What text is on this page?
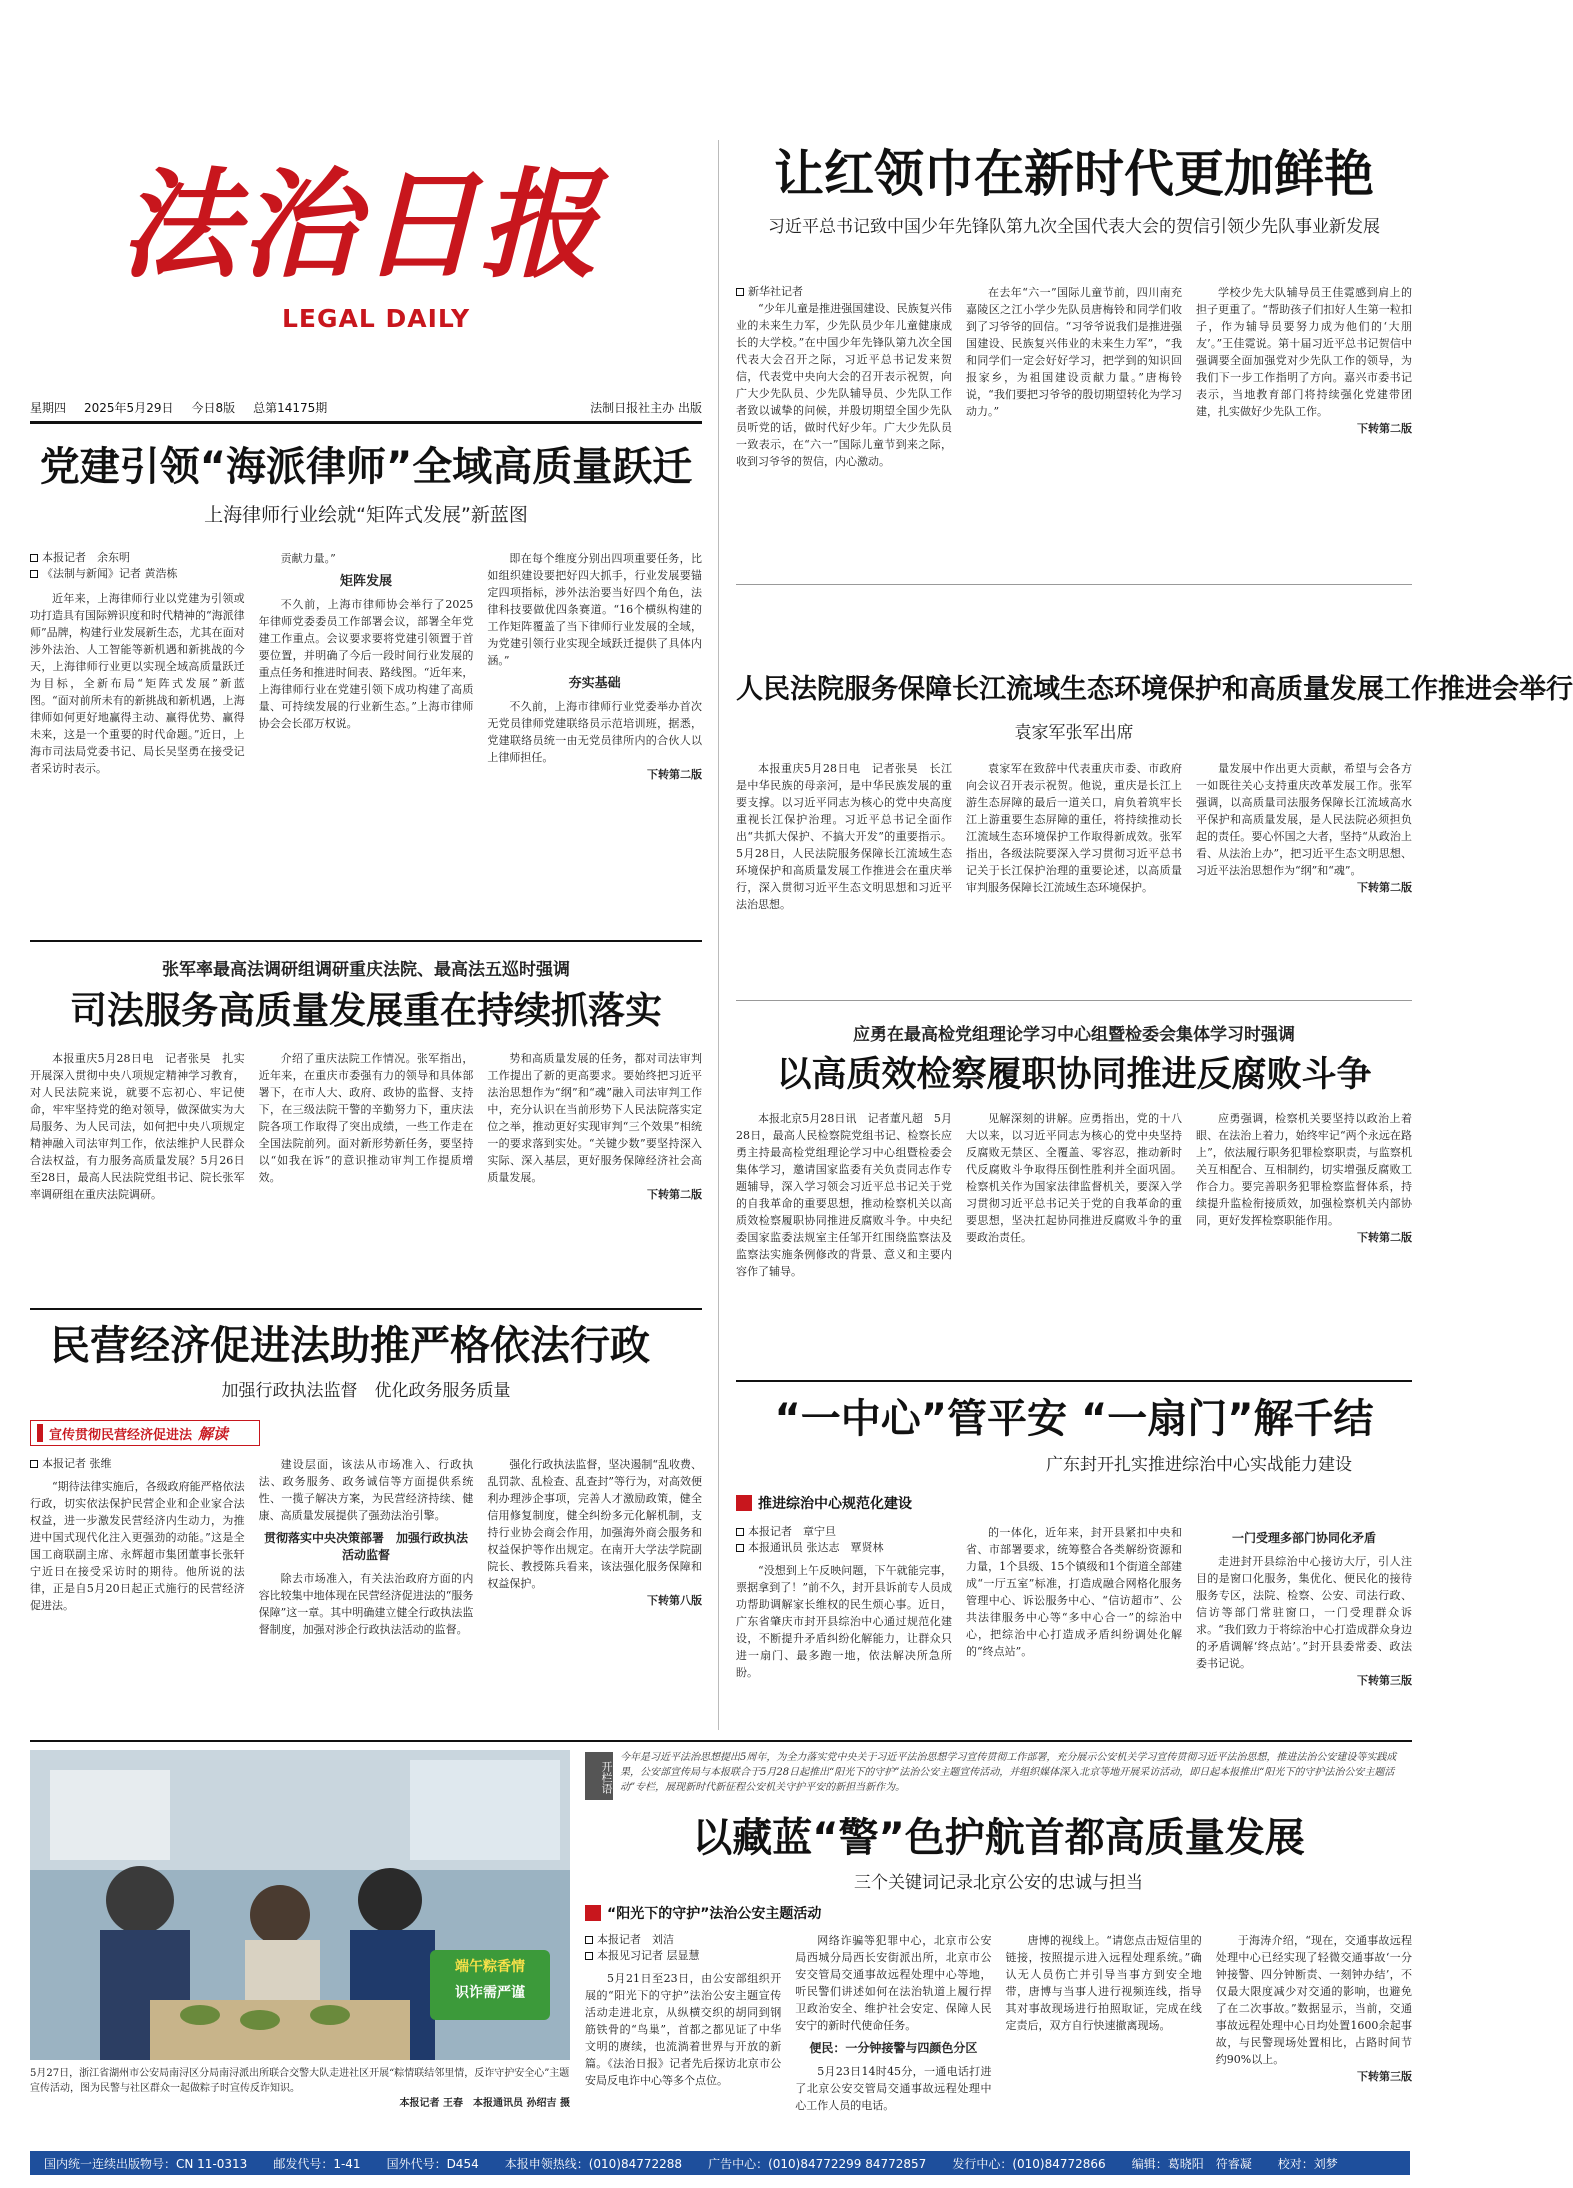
法治日报
LEGAL DAILY
星期四 2025年5月29日 今日8版 总第14175期	法制日报社主办 出版
让红领巾在新时代更加鲜艳
习近平总书记致中国少年先锋队第九次全国代表大会的贺信引领少先队事业新发展
新华社记者

“少年儿童是推进强国建设、民族复兴伟业的未来生力军，少先队员少年儿童健康成长的大学校。”在中国少年先锋队第九次全国代表大会召开之际，习近平总书记发来贺信，代表党中央向大会的召开表示祝贺，向广大少先队员、少先队辅导员、少先队工作者致以诚挚的问候，并殷切期望全国少先队员听党的话，做时代好少年。广大少先队员一致表示，在“六一”国际儿童节到来之际，收到习爷爷的贺信，内心激动。

在去年“六一”国际儿童节前，四川南充嘉陵区之江小学少先队员唐梅铃和同学们收到了习爷爷的回信。“习爷爷说我们是推进强国建设、民族复兴伟业的未来生力军”，“我和同学们一定会好好学习，把学到的知识回报家乡，为祖国建设贡献力量。”唐梅铃说，“我们要把习爷爷的殷切期望转化为学习动力。”

学校少先大队辅导员王佳霓感到肩上的担子更重了。“帮助孩子们扣好人生第一粒扣子，作为辅导员要努力成为他们的‘大朋友’。”王佳霓说。第十届习近平总书记贺信中强调要全面加强党对少先队工作的领导，为我们下一步工作指明了方向。嘉兴市委书记表示，当地教育部门将持续强化党建带团建，扎实做好少先队工作。

下转第二版
党建引领“海派律师”全域高质量跃迁
上海律师行业绘就“矩阵式发展”新蓝图
本报记者　余东明
《法制与新闻》记者 黄浩栋

近年来，上海律师行业以党建为引领或功打造具有国际辨识度和时代精神的“海派律师”品牌，构建行业发展新生态，尤其在面对涉外法治、人工智能等新机遇和新挑战的今天，上海律师行业更以实现全域高质量跃迁为目标，全新布局“矩阵式发展”新蓝图。“面对前所未有的新挑战和新机遇，上海律师如何更好地赢得主动、赢得优势、赢得未来，这是一个重要的时代命题。”近日，上海市司法局党委书记、局长吴坚勇在接受记者采访时表示。

贡献力量。”

矩阵发展

不久前，上海市律师协会举行了2025年律师党委委员工作部署会议，部署全年党建工作重点。会议要求要将党建引领置于首要位置，并明确了今后一段时间行业发展的重点任务和推进时间表、路线图。“近年来，上海律师行业在党建引领下成功构建了高质量、可持续发展的行业新生态。”上海市律师协会会长邵万权说。

即在每个维度分别出四项重要任务，比如组织建设要把好四大抓手，行业发展要锚定四项指标，涉外法治要当好四个角色，法律科技要做优四条赛道。“16个横纵构建的工作矩阵覆盖了当下律师行业发展的全域，为党建引领行业实现全域跃迁提供了具体内涵。”

夯实基础

不久前，上海市律师行业党委举办首次无党员律师党建联络员示范培训班，据悉，党建联络员统一由无党员律所内的合伙人以上律师担任。

下转第二版
人民法院服务保障长江流域生态环境保护和高质量发展工作推进会举行
袁家军张军出席

本报重庆5月28日电　记者张昊　长江是中华民族的母亲河，是中华民族发展的重要支撑。以习近平同志为核心的党中央高度重视长江保护治理。习近平总书记全面作出“共抓大保护、不搞大开发”的重要指示。5月28日，人民法院服务保障长江流域生态环境保护和高质量发展工作推进会在重庆举行，深入贯彻习近平生态文明思想和习近平法治思想。

袁家军在致辞中代表重庆市委、市政府向会议召开表示祝贺。他说，重庆是长江上游生态屏障的最后一道关口，肩负着筑牢长江上游重要生态屏障的重任，将持续推动长江流域生态环境保护工作取得新成效。张军指出，各级法院要深入学习贯彻习近平总书记关于长江保护治理的重要论述，以高质量审判服务保障长江流域生态环境保护。

量发展中作出更大贡献，希望与会各方一如既往关心支持重庆改革发展工作。张军强调，以高质量司法服务保障长江流域高水平保护和高质量发展，是人民法院必须担负起的责任。要心怀国之大者，坚持“从政治上看、从法治上办”，把习近平生态文明思想、习近平法治思想作为“纲”和“魂”。

下转第二版
张军率最高法调研组调研重庆法院、最高法五巡时强调
司法服务高质量发展重在持续抓落实

本报重庆5月28日电　记者张昊　扎实开展深入贯彻中央八项规定精神学习教育，对人民法院来说，就要不忘初心、牢记使命，牢牢坚持党的绝对领导，做深做实为大局服务、为人民司法，如何把中央八项规定精神融入司法审判工作，依法维护人民群众合法权益，有力服务高质量发展？5月26日至28日，最高人民法院党组书记、院长张军率调研组在重庆法院调研。

介绍了重庆法院工作情况。张军指出，近年来，在重庆市委强有力的领导和具体部署下，在市人大、政府、政协的监督、支持下，在三级法院干警的辛勤努力下，重庆法院各项工作取得了突出成绩，一些工作走在全国法院前列。面对新形势新任务，要坚持以“如我在诉”的意识推动审判工作提质增效。

势和高质量发展的任务，都对司法审判工作提出了新的更高要求。要始终把习近平法治思想作为“纲”和“魂”融入司法审判工作中，充分认识在当前形势下人民法院落实定位之举，推动更好实现审判“三个效果”相统一的要求落到实处。“关键少数”要坚持深入实际、深入基层，更好服务保障经济社会高质量发展。

下转第二版
应勇在最高检党组理论学习中心组暨检委会集体学习时强调
以高质效检察履职协同推进反腐败斗争

本报北京5月28日讯　记者董凡超　5月28日，最高人民检察院党组书记、检察长应勇主持最高检党组理论学习中心组暨检委会集体学习，邀请国家监委有关负责同志作专题辅导，深入学习领会习近平总书记关于党的自我革命的重要思想，推动检察机关以高质效检察履职协同推进反腐败斗争。中央纪委国家监委法规室主任邹开红围绕监察法及监察法实施条例修改的背景、意义和主要内容作了辅导。

见解深刻的讲解。应勇指出，党的十八大以来，以习近平同志为核心的党中央坚持反腐败无禁区、全覆盖、零容忍，推动新时代反腐败斗争取得压倒性胜利并全面巩固。检察机关作为国家法律监督机关，要深入学习贯彻习近平总书记关于党的自我革命的重要思想，坚决扛起协同推进反腐败斗争的重要政治责任。

应勇强调，检察机关要坚持以政治上着眼、在法治上着力，始终牢记“两个永远在路上”，依法履行职务犯罪检察职责，与监察机关互相配合、互相制约，切实增强反腐败工作合力。要完善职务犯罪检察监督体系，持续提升监检衔接质效，加强检察机关内部协同，更好发挥检察职能作用。

下转第二版
民营经济促进法助推严格依法行政
加强行政执法监督　优化政务服务质量
宣传贯彻民营经济促进法 解读
本报记者 张维

“期待法律实施后，各级政府能严格依法行政，切实依法保护民营企业和企业家合法权益，进一步激发民营经济内生动力，为推进中国式现代化注入更强劲的动能。”这是全国工商联副主席、永辉超市集团董事长张轩宁近日在接受采访时的期待。他所说的法律，正是自5月20日起正式施行的民营经济促进法。

建设层面，该法从市场准入、行政执法、政务服务、政务诚信等方面提供系统性、一揽子解决方案，为民营经济持续、健康、高质量发展提供了强劲法治引擎。

贯彻落实中央决策部署　加强行政执法活动监督

除去市场准入，有关法治政府方面的内容比较集中地体现在民营经济促进法的“服务保障”这一章。其中明确建立健全行政执法监督制度，加强对涉企行政执法活动的监督。

强化行政执法监督，坚决遏制“乱收费、乱罚款、乱检查、乱查封”等行为，对高效便利办理涉企事项，完善人才激励政策，健全信用修复制度，健全纠纷多元化解机制，支持行业协会商会作用，加强海外商会服务和权益保护等作出规定。在南开大学法学院副院长、教授陈兵看来，该法强化服务保障和权益保护。

下转第八版
“一中心”管平安 “一扇门”解千结
广东封开扎实推进综治中心实战能力建设
推进综治中心规范化建设
本报记者　章宁旦
本报通讯员 张达志　覃贤林

“没想到上午反映问题，下午就能完事，票据拿到了！”前不久，封开县诉前专人员成功帮助调解家长维权的民生烦心事。近日，广东省肇庆市封开县综治中心通过规范化建设，不断提升矛盾纠纷化解能力，让群众只进一扇门、最多跑一地，依法解决所急所盼。

的一体化，近年来，封开县紧扣中央和省、市部署要求，统筹整合各类解纷资源和力量，1个县级、15个镇级和1个街道全部建成“一厅五室”标准，打造成融合网格化服务管理中心、诉讼服务中心、“信访超市”、公共法律服务中心等“多中心合一”的综治中心，把综治中心打造成矛盾纠纷调处化解的“终点站”。

一门受理多部门协同化矛盾

走进封开县综治中心接访大厅，引人注目的是窗口化服务，集优化、便民化的接待服务专区，法院、检察、公安、司法行政、信访等部门常驻窗口，一门受理群众诉求。“我们致力于将综治中心打造成群众身边的矛盾调解‘终点站’。”封开县委常委、政法委书记说。

下转第三版
端午粽香情
识诈需严谨
5月27日，浙江省湖州市公安局南浔区分局南浔派出所联合交警大队走进社区开展“粽情联结邻里情，反诈守护安全心”主题宣传活动，图为民警与社区群众一起做粽子时宣传反诈知识。
本报记者 王春　本报通讯员 孙绍吉 摄
开栏语
今年是习近平法治思想提出5周年，为全力落实党中央关于习近平法治思想学习宣传贯彻工作部署，充分展示公安机关学习宣传贯彻习近平法治思想，推进法治公安建设等实践成果，公安部宣传局与本报联合于5月28日起推出“阳光下的守护”法治公安主题宣传活动，并组织媒体深入北京等地开展采访活动，即日起本报推出“阳光下的守护法治公安主题活动”专栏，展现新时代新征程公安机关守护平安的新担当新作为。
以藏蓝“警”色护航首都高质量发展
三个关键词记录北京公安的忠诚与担当
“阳光下的守护”法治公安主题活动
本报记者　刘洁
本报见习记者 层显慧

5月21日至23日，由公安部组织开展的“阳光下的守护”法治公安主题宣传活动走进北京，从纵横交织的胡同到钢筋铁骨的“鸟巢”，首都之都见证了中华文明的赓续，也流淌着世界与开放的新篇。《法治日报》记者先后探访北京市公安局反电诈中心等多个点位。

网络诈骗等犯罪中心，北京市公安局西城分局西长安街派出所，北京市公安交管局交通事故远程处理中心等地，听民警们讲述如何在法治轨道上履行捍卫政治安全、维护社会安定、保障人民安宁的新时代使命任务。

便民：一分钟接警与四颜色分区

5月23日14时45分，一通电话打进了北京公安交管局交通事故远程处理中心工作人员的电话。

唐博的视线上。“请您点击短信里的链接，按照提示进入远程处理系统。”确认无人员伤亡并引导当事方到安全地带，唐博与当事人进行视频连线，指导其对事故现场进行拍照取证，完成在线定责后，双方自行快速撤离现场。

于海涛介绍，“现在，交通事故远程处理中心已经实现了轻微交通事故‘一分钟接警、四分钟断责、一刻钟办结’，不仅最大限度减少对交通的影响，也避免了在二次事故。”数据显示，当前，交通事故远程处理中心日均处置1600余起事故，与民警现场处置相比，占路时间节约90%以上。

下转第三版
国内统一连续出版物号：CN 11-0313 邮发代号：1-41 国外代号：D454 本报申领热线：(010)84772288 广告中心：(010)84772299 84772857 发行中心：(010)84772866 编辑：葛晓阳　符睿凝 校对：刘梦
